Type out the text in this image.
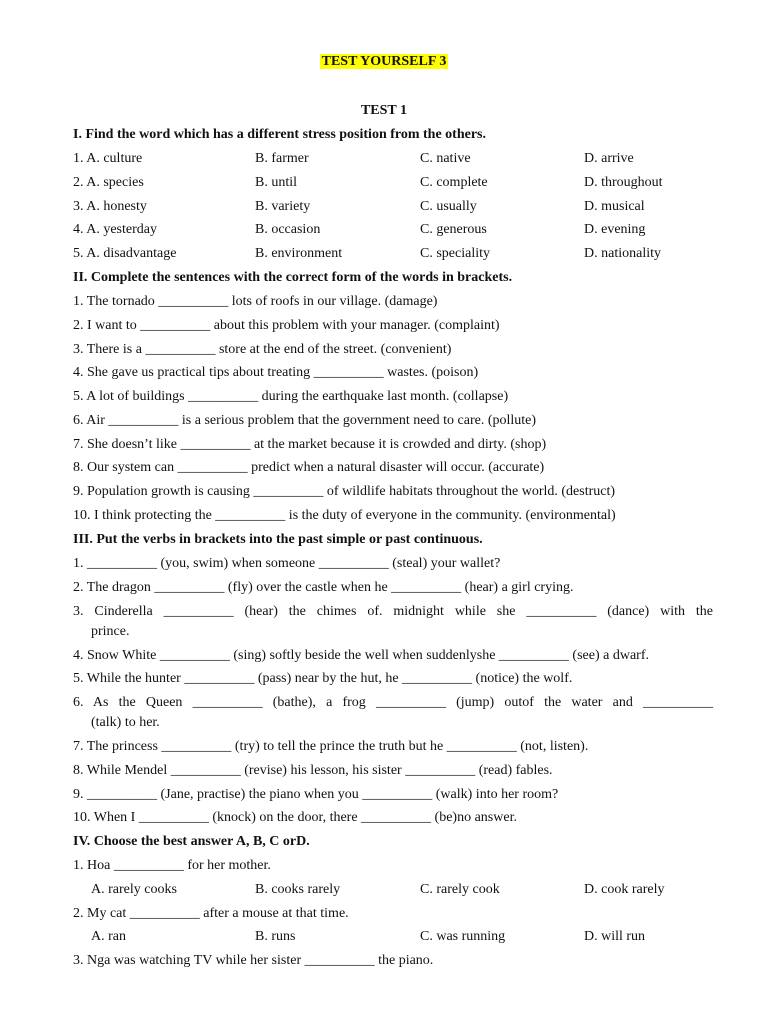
TEST YOURSELF 3
TEST 1
I. Find the word which has a different stress position from the others.
1. A. culture	B. farmer	C. native	D. arrive
2. A. species	B. until	C. complete	D. throughout
3. A. honesty	B. variety	C. usually	D. musical
4. A. yesterday	B. occasion	C. generous	D. evening
5. A. disadvantage	B. environment	C. speciality	D. nationality
II. Complete the sentences with the correct form of the words in brackets.
1. The tornado __________ lots of roofs in our village. (damage)
2. I want to __________ about this problem with your manager. (complaint)
3. There is a __________ store at the end of the street. (convenient)
4. She gave us practical tips about treating __________ wastes. (poison)
5. A lot of buildings __________ during the earthquake last month. (collapse)
6. Air __________ is a serious problem that the government need to care. (pollute)
7. She doesn’t like __________ at the market because it is crowded and dirty. (shop)
8. Our system can __________ predict when a natural disaster will occur. (accurate)
9. Population growth is causing __________ of wildlife habitats throughout the world. (destruct)
10. I think protecting the __________ is the duty of everyone in the community. (environmental)
III. Put the verbs in brackets into the past simple or past continuous.
1. __________ (you, swim) when someone __________ (steal) your wallet?
2. The dragon __________ (fly) over the castle when he __________ (hear) a girl crying.
3. Cinderella __________ (hear) the chimes of. midnight while she __________ (dance) with the
prince.
4. Snow White __________ (sing) softly beside the well when suddenlyshe __________ (see) a dwarf.
5. While the hunter __________ (pass) near by the hut, he __________ (notice) the wolf.
6. As the Queen __________ (bathe), a frog __________ (jump) outof the water and __________
(talk) to her.
7. The princess __________ (try) to tell the prince the truth but he __________ (not, listen).
8. While Mendel __________ (revise) his lesson, his sister __________ (read) fables.
9. __________ (Jane, practise) the piano when you __________ (walk) into her room?
10. When I __________ (knock) on the door, there __________ (be)no answer.
IV. Choose the best answer A, B, C orD.
1. Hoa __________ for her mother.
A. rarely cooks	B. cooks rarely	C. rarely cook	D. cook rarely
2. My cat __________ after a mouse at that time.
A. ran	B. runs	C. was running	D. will run
3. Nga was watching TV while her sister __________ the piano.
